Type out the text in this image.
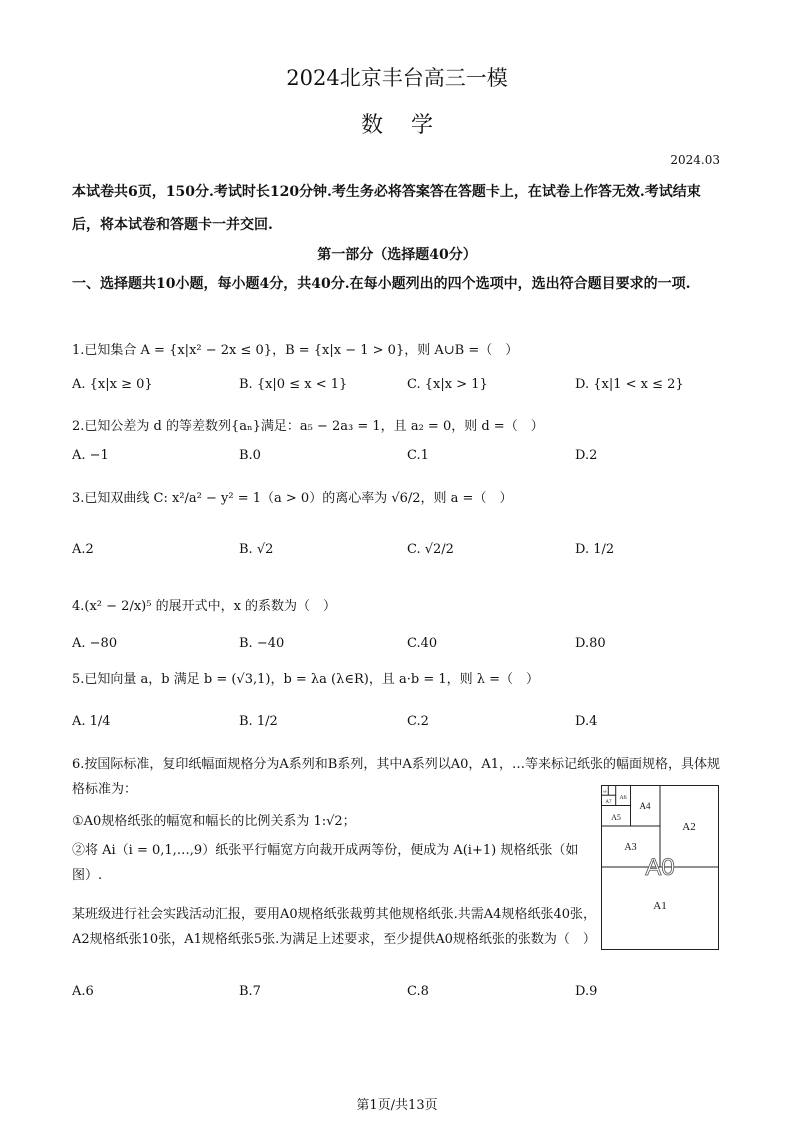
2024北京丰台高三一模
数学
2024.03
本试卷共6页，150分.考试时长120分钟.考生务必将答案答在答题卡上，在试卷上作答无效.考试结束后，将本试卷和答题卡一并交回.
第一部分（选择题40分）
一、选择题共10小题，每小题4分，共40分.在每小题列出的四个选项中，选出符合题目要求的一项.
1.已知集合 A = {x|x² − 2x ≤ 0}，B = {x|x − 1 > 0}，则 A∪B =（　）
A. {x|x ≥ 0}	B. {x|0 ≤ x < 1}	C. {x|x > 1}	D. {x|1 < x ≤ 2}
2.已知公差为 d 的等差数列{aₙ}满足：a₅ − 2a₃ = 1，且 a₂ = 0，则 d =（　）
A. −1	B.0	C.1	D.2
3.已知双曲线 C: x²/a² − y² = 1（a > 0）的离心率为 √6/2，则 a =（　）
A.2	B. √2	C. √2/2	D. 1/2
4.(x² − 2/x)⁵ 的展开式中，x 的系数为（　）
A. −80	B. −40	C.40	D.80
5.已知向量 a，b 满足 b = (√3,1)，b = λa (λ∈R)，且 a·b = 1，则 λ =（　）
A. 1/4	B. 1/2	C.2	D.4
6.按国际标准，复印纸幅面规格分为A系列和B系列，其中A系列以A0，A1，…等来标记纸张的幅面规格，具体规格标准为：
①A0规格纸张的幅宽和幅长的比例关系为 1:√2；
②将 Ai（i = 0,1,…,9）纸张平行幅宽方向裁开成两等份，便成为 A(i+1) 规格纸张（如图）.
某班级进行社会实践活动汇报，要用A0规格纸张裁剪其他规格纸张.共需A4规格纸张40张，A2规格纸张10张，A1规格纸张5张.为满足上述要求，至少提供A0规格纸张的张数为（　）
A.6	B.7	C.8	D.9
A0
A1
A2
A3
A4
A5
A6
A7
A8
第1页/共13页
